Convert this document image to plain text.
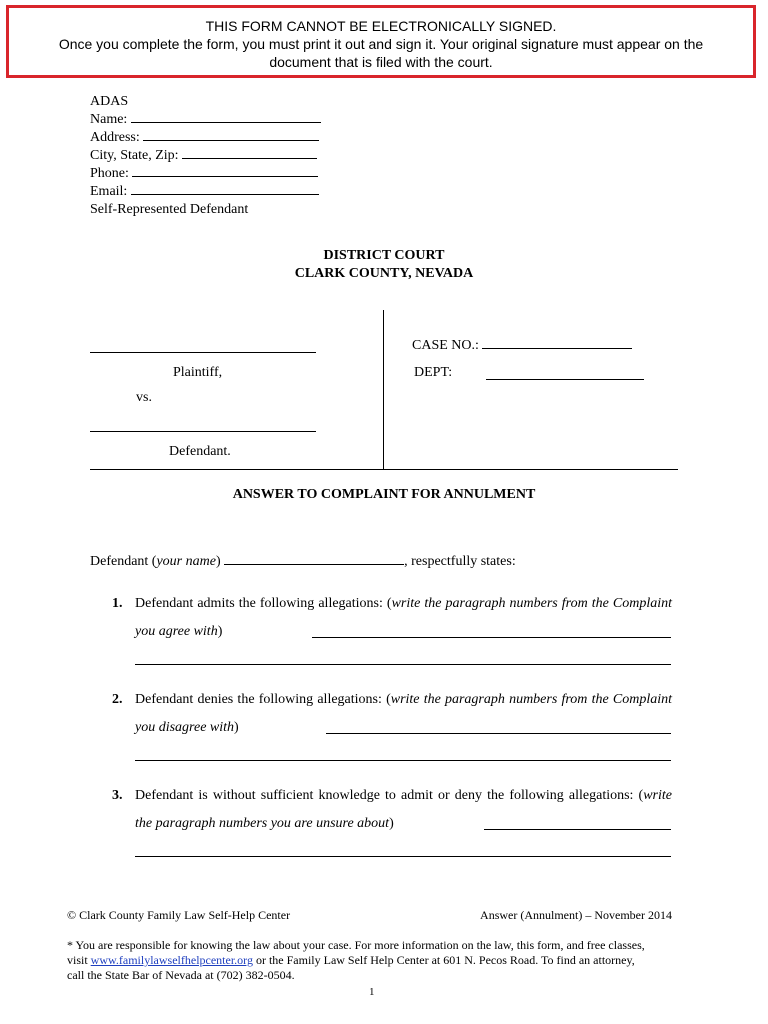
THIS FORM CANNOT BE ELECTRONICALLY SIGNED.
Once you complete the form, you must print it out and sign it. Your original signature must appear on the
document that is filed with the court.
ADAS
Name:
Address:
City, State, Zip:
Phone:
Email:
Self-Represented Defendant
DISTRICT COURT
CLARK COUNTY, NEVADA
Plaintiff,
vs.
Defendant.
CASE NO.:
DEPT:
ANSWER TO COMPLAINT FOR ANNULMENT
Defendant (your name)	, respectfully states:
1. Defendant admits the following allegations: (write the paragraph numbers from the Complaint you agree with)
2. Defendant denies the following allegations: (write the paragraph numbers from the Complaint you disagree with)
3. Defendant is without sufficient knowledge to admit or deny the following allegations: (write the paragraph numbers you are unsure about)
© Clark County Family Law Self-Help Center	Answer (Annulment) – November 2014
* You are responsible for knowing the law about your case. For more information on the law, this form, and free classes,
visit www.familylawselfhelpcenter.org or the Family Law Self Help Center at 601 N. Pecos Road. To find an attorney,
call the State Bar of Nevada at (702) 382-0504.
1
